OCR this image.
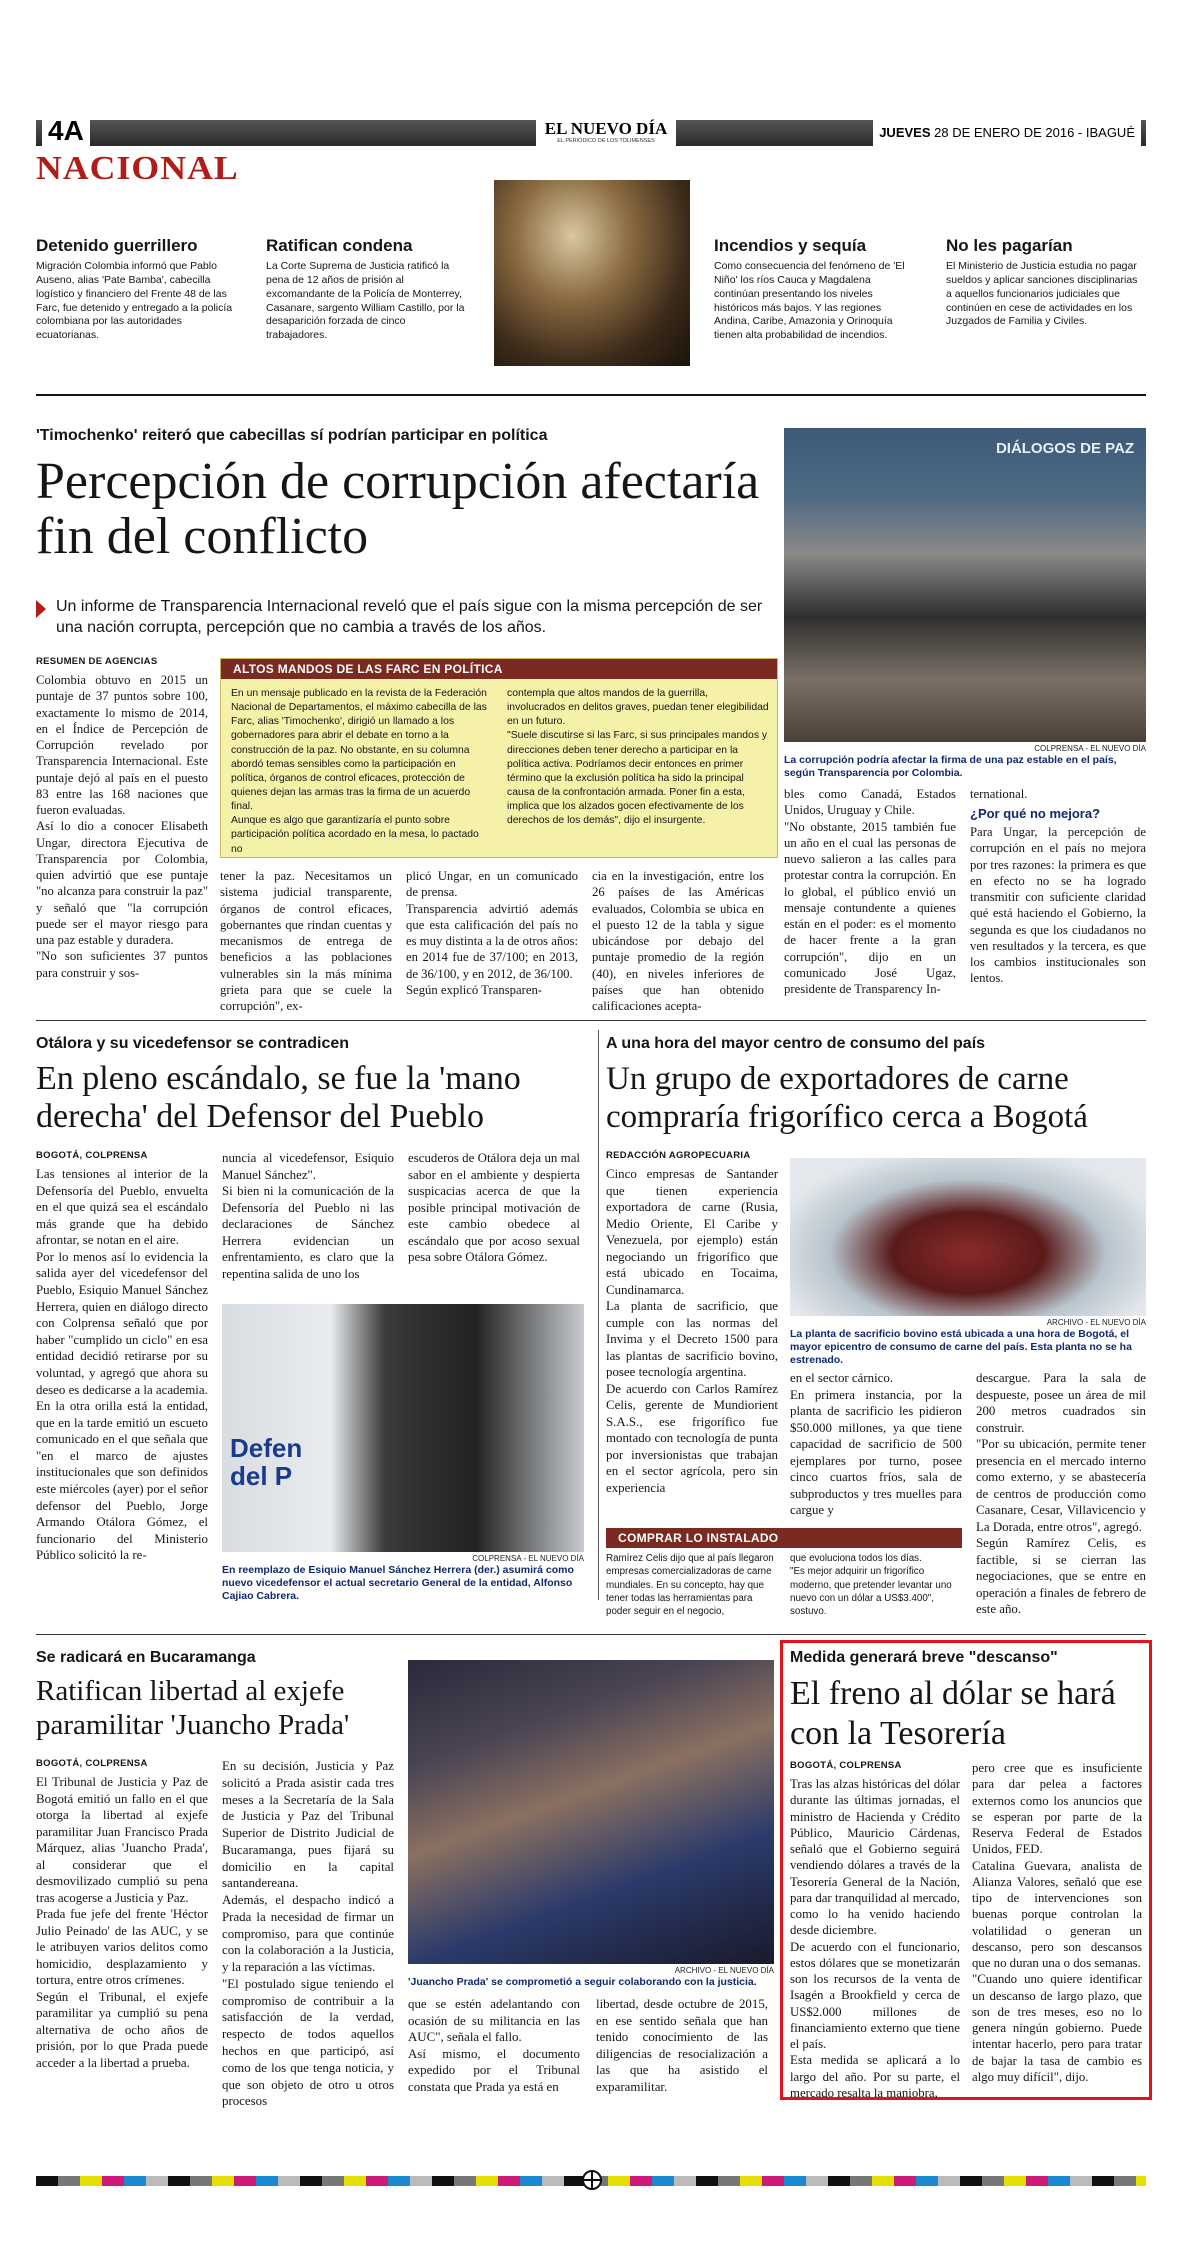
4A	EL NUEVO DÍA
EL PERIÓDICO DE LOS TOLIMENSES
JUEVES 28 DE ENERO DE 2016 - IBAGUÉ
NACIONAL
Detenido guerrillero
Migración Colombia informó que Pablo Auseno, alias 'Pate Bamba', cabecilla logístico y financiero del Frente 48 de las Farc, fue detenido y entregado a la policía colombiana por las autoridades ecuatorianas.
Ratifican condena
La Corte Suprema de Justicia ratificó la pena de 12 años de prisión al excomandante de la Policía de Monterrey, Casanare, sargento William Castillo, por la desaparición forzada de cinco trabajadores.
Incendios y sequía
Como consecuencia del fenómeno de 'El Niño' los ríos Cauca y Magdalena continúan presentando los niveles históricos más bajos. Y las regiones Andina, Caribe, Amazonia y Orinoquía tienen alta probabilidad de incendios.
No les pagarían
El Ministerio de Justicia estudia no pagar sueldos y aplicar sanciones disciplinarias a aquellos funcionarios judiciales que continúen en cese de actividades en los Juzgados de Familia y Civiles.
'Timochenko' reiteró que cabecillas sí podrían participar en política
Percepción de corrupción afectaría fin del conflicto
Un informe de Transparencia Internacional reveló que el país sigue con la misma percepción de ser una nación corrupta, percepción que no cambia a través de los años.
RESUMEN DE AGENCIAS
Colombia obtuvo en 2015 un puntaje de 37 puntos sobre 100, exactamente lo mismo de 2014, en el Índice de Percepción de Corrupción revelado por Transparencia Internacional. Este puntaje dejó al país en el puesto 83 entre las 168 naciones que fueron evaluadas.
Así lo dio a conocer Elisabeth Ungar, directora Ejecutiva de Transparencia por Colombia, quien advirtió que ese puntaje "no alcanza para construir la paz" y señaló que "la corrupción puede ser el mayor riesgo para una paz estable y duradera.
"No son suficientes 37 puntos para construir y sos-
ALTOS MANDOS DE LAS FARC EN POLÍTICA
En un mensaje publicado en la revista de la Federación Nacional de Departamentos, el máximo cabecilla de las Farc, alias 'Timochenko', dirigió un llamado a los gobernadores para abrir el debate en torno a la construcción de la paz. No obstante, en su columna abordó temas sensibles como la participación en política, órganos de control eficaces, protección de quienes dejan las armas tras la firma de un acuerdo final.
Aunque es algo que garantizaría el punto sobre participación política acordado en la mesa, lo pactado no
contempla que altos mandos de la guerrilla, involucrados en delitos graves, puedan tener elegibilidad en un futuro.
"Suele discutirse si las Farc, si sus principales mandos y direcciones deben tener derecho a participar en la política activa. Podríamos decir entonces en primer término que la exclusión política ha sido la principal causa de la confrontación armada. Poner fin a esta, implica que los alzados gocen efectivamente de los derechos de los demás", dijo el insurgente.
tener la paz. Necesitamos un sistema judicial transparente, órganos de control eficaces, gobernantes que rindan cuentas y mecanismos de entrega de beneficios a las poblaciones vulnerables sin la más mínima grieta para que se cuele la corrupción", ex-
plicó Ungar, en un comunicado de prensa.
Transparencia advirtió además que esta calificación del país no es muy distinta a la de otros años: en 2014 fue de 37/100; en 2013, de 36/100, y en 2012, de 36/100.
Según explicó Transparen-
cia en la investigación, entre los 26 países de las Américas evaluados, Colombia se ubica en el puesto 12 de la tabla y sigue ubicándose por debajo del puntaje promedio de la región (40), en niveles inferiores de países que han obtenido calificaciones acepta-
DIÁLOGOS DE PAZ
COLPRENSA - EL NUEVO DÍA
La corrupción podría afectar la firma de una paz estable en el país, según Transparencia por Colombia.
bles como Canadá, Estados Unidos, Uruguay y Chile.
"No obstante, 2015 también fue un año en el cual las personas de nuevo salieron a las calles para protestar contra la corrupción. En lo global, el público envió un mensaje contundente a quienes están en el poder: es el momento de hacer frente a la gran corrupción", dijo en un comunicado José Ugaz, presidente de Transparency In-
ternational.
¿Por qué no mejora?
Para Ungar, la percepción de corrupción en el país no mejora por tres razones: la primera es que en efecto no se ha logrado transmitir con suficiente claridad qué está haciendo el Gobierno, la segunda es que los ciudadanos no ven resultados y la tercera, es que los cambios institucionales son lentos.
Otálora y su vicedefensor se contradicen
En pleno escándalo, se fue la 'mano derecha' del Defensor del Pueblo
BOGOTÁ, COLPRENSA
Las tensiones al interior de la Defensoría del Pueblo, envuelta en el que quizá sea el escándalo más grande que ha debido afrontar, se notan en el aire.
Por lo menos así lo evidencia la salida ayer del vicedefensor del Pueblo, Esiquio Manuel Sánchez Herrera, quien en diálogo directo con Colprensa señaló que por haber "cumplido un ciclo" en esa entidad decidió retirarse por su voluntad, y agregó que ahora su deseo es dedicarse a la academia.
En la otra orilla está la entidad, que en la tarde emitió un escueto comunicado en el que señala que "en el marco de ajustes institucionales que son definidos este miércoles (ayer) por el señor defensor del Pueblo, Jorge Armando Otálora Gómez, el funcionario del Ministerio Público solicitó la re-
nuncia al vicedefensor, Esiquio Manuel Sánchez".
Si bien ni la comunicación de la Defensoría del Pueblo ni las declaraciones de Sánchez Herrera evidencian un enfrentamiento, es claro que la repentina salida de uno los
escuderos de Otálora deja un mal sabor en el ambiente y despierta suspicacias acerca de que la posible principal motivación de este cambio obedece al escándalo que por acoso sexual pesa sobre Otálora Gómez.
Defen del P
COLPRENSA - EL NUEVO DÍA
En reemplazo de Esiquio Manuel Sánchez Herrera (der.) asumirá como nuevo vicedefensor el actual secretario General de la entidad, Alfonso Cajiao Cabrera.
A una hora del mayor centro de consumo del país
Un grupo de exportadores de carne compraría frigorífico cerca a Bogotá
REDACCIÓN AGROPECUARIA
Cinco empresas de Santander que tienen experiencia exportadora de carne (Rusia, Medio Oriente, El Caribe y Venezuela, por ejemplo) están negociando un frigorífico que está ubicado en Tocaima, Cundinamarca.
La planta de sacrificio, que cumple con las normas del Invima y el Decreto 1500 para las plantas de sacrificio bovino, posee tecnología argentina.
De acuerdo con Carlos Ramírez Celis, gerente de Mundiorient S.A.S., ese frigorífico fue montado con tecnología de punta por inversionistas que trabajan en el sector agrícola, pero sin experiencia
ARCHIVO - EL NUEVO DÍA
La planta de sacrificio bovino está ubicada a una hora de Bogotá, el mayor epicentro de consumo de carne del país. Esta planta no se ha estrenado.
en el sector cárnico.
En primera instancia, por la planta de sacrificio les pidieron $50.000 millones, ya que tiene capacidad de sacrificio de 500 ejemplares por turno, posee cinco cuartos fríos, sala de subproductos y tres muelles para cargue y
descargue. Para la sala de despueste, posee un área de mil 200 metros cuadrados sin construir.
"Por su ubicación, permite tener presencia en el mercado interno como externo, y se abastecería de centros de producción como Casanare, Cesar, Villavicencio y La Dorada, entre otros", agregó.
Según Ramírez Celis, es factible, si se cierran las negociaciones, que se entre en operación a finales de febrero de este año.
COMPRAR LO INSTALADO
Ramírez Celis dijo que al país llegaron empresas comercializadoras de carne mundiales. En su concepto, hay que tener todas las herramientas para poder seguir en el negocio,
que evoluciona todos los días.
"Es mejor adquirir un frigorífico moderno, que pretender levantar uno nuevo con un dólar a US$3.400", sostuvo.
Se radicará en Bucaramanga
Ratifican libertad al exjefe paramilitar 'Juancho Prada'
BOGOTÁ, COLPRENSA
El Tribunal de Justicia y Paz de Bogotá emitió un fallo en el que otorga la libertad al exjefe paramilitar Juan Francisco Prada Márquez, alias 'Juancho Prada', al considerar que el desmovilizado cumplió su pena tras acogerse a Justicia y Paz.
Prada fue jefe del frente 'Héctor Julio Peinado' de las AUC, y se le atribuyen varios delitos como homicidio, desplazamiento y tortura, entre otros crímenes.
Según el Tribunal, el exjefe paramilitar ya cumplió su pena alternativa de ocho años de prisión, por lo que Prada puede acceder a la libertad a prueba.
En su decisión, Justicia y Paz solicitó a Prada asistir cada tres meses a la Secretaría de la Sala de Justicia y Paz del Tribunal Superior de Distrito Judicial de Bucaramanga, pues fijará su domicilio en la capital santandereana.
Además, el despacho indicó a Prada la necesidad de firmar un compromiso, para que continúe con la colaboración a la Justicia, y la reparación a las víctimas.
"El postulado sigue teniendo el compromiso de contribuir a la satisfacción de la verdad, respecto de todos aquellos hechos en que participó, así como de los que tenga noticia, y que son objeto de otro u otros procesos
ARCHIVO - EL NUEVO DÍA
'Juancho Prada' se comprometió a seguir colaborando con la justicia.
que se estén adelantando con ocasión de su militancia en las AUC", señala el fallo.
Así mismo, el documento expedido por el Tribunal constata que Prada ya está en
libertad, desde octubre de 2015, en ese sentido señala que han tenido conocimiento de las diligencias de resocialización a las que ha asistido el exparamilitar.
Medida generará breve "descanso"
El freno al dólar se hará con la Tesorería
BOGOTÁ, COLPRENSA
Tras las alzas históricas del dólar durante las últimas jornadas, el ministro de Hacienda y Crédito Público, Mauricio Cárdenas, señaló que el Gobierno seguirá vendiendo dólares a través de la Tesorería General de la Nación, para dar tranquilidad al mercado, como lo ha venido haciendo desde diciembre.
De acuerdo con el funcionario, estos dólares que se monetizarán son los recursos de la venta de Isagén a Brookfield y cerca de US$2.000 millones de financiamiento externo que tiene el país.
Esta medida se aplicará a lo largo del año. Por su parte, el mercado resalta la maniobra,
pero cree que es insuficiente para dar pelea a factores externos como los anuncios que se esperan por parte de la Reserva Federal de Estados Unidos, FED.
Catalina Guevara, analista de Alianza Valores, señaló que ese tipo de intervenciones son buenas porque controlan la volatilidad o generan un descanso, pero son descansos que no duran una o dos semanas.
"Cuando uno quiere identificar un descanso de largo plazo, que son de tres meses, eso no lo genera ningún gobierno. Puede intentar hacerlo, pero para tratar de bajar la tasa de cambio es algo muy difícil", dijo.
